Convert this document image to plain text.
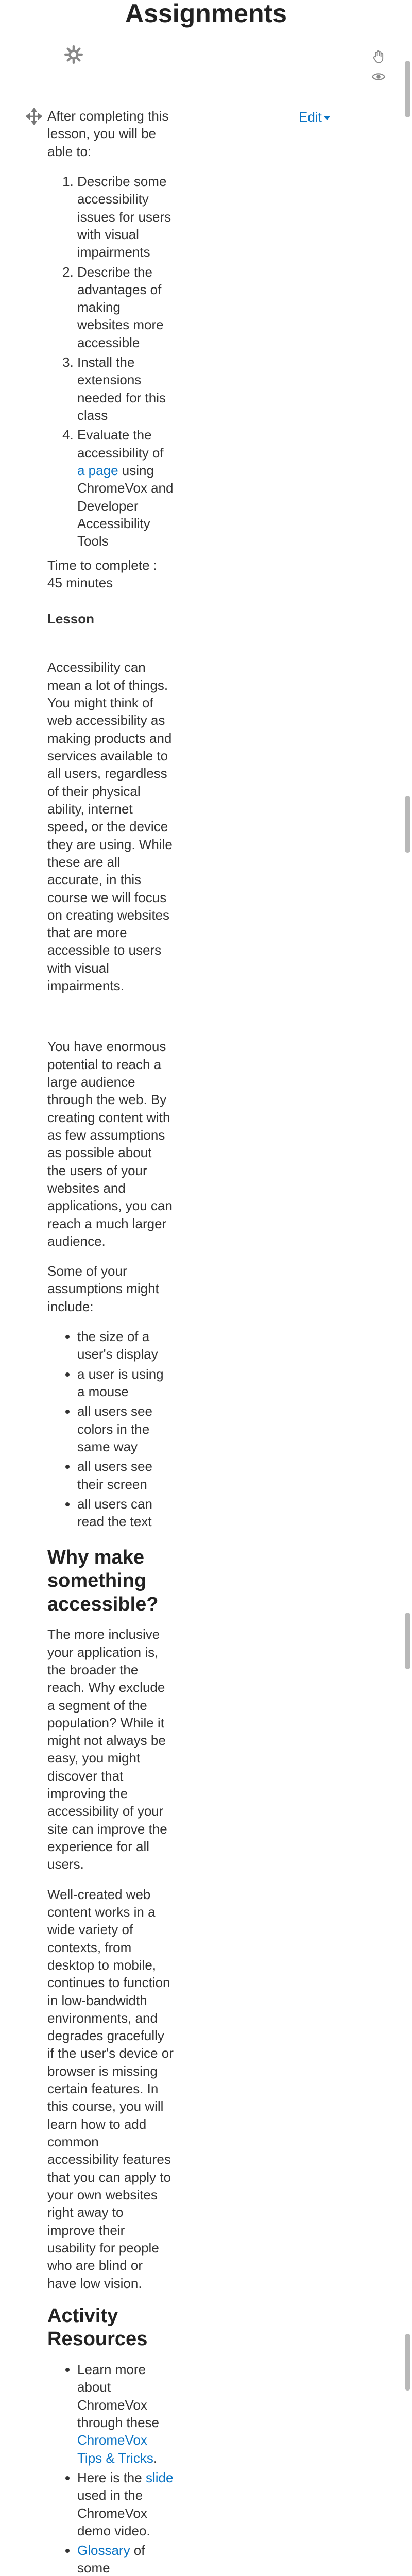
Assignments

Edit

After completing this lesson, you will be able to:

1. Describe some accessibility issues for users with visual impairments
2. Describe the advantages of making websites more accessible
3. Install the extensions needed for this class
4. Evaluate the accessibility of a page using ChromeVox and Developer Accessibility Tools

Time to complete : 45 minutes

Lesson

Accessibility can mean a lot of things. You might think of web accessibility as making products and services available to all users, regardless of their physical ability, internet speed, or the device they are using. While these are all accurate, in this course we will focus on creating websites that are more accessible to users with visual impairments.

You have enormous potential to reach a large audience through the web. By creating content with as few assumptions as possible about the users of your websites and applications, you can reach a much larger audience.

Some of your assumptions might include:

• the size of a user's display
• a user is using a mouse
• all users see colors in the same way
• all users see their screen
• all users can read the text
Why make something accessible?

The more inclusive your application is, the broader the reach. Why exclude a segment of the population? While it might not always be easy, you might discover that improving the accessibility of your site can improve the experience for all users.

Well-created web content works in a wide variety of contexts, from desktop to mobile, continues to function in low-bandwidth environments, and degrades gracefully if the user's device or browser is missing certain features. In this course, you will learn how to add common accessibility features that you can apply to your own websites right away to improve their usability for people who are blind or have low vision.

Activity Resources
• Learn more about ChromeVox through these ChromeVox Tips & Tricks.
• Here is the slide used in the ChromeVox demo video.
• Glossary of some
